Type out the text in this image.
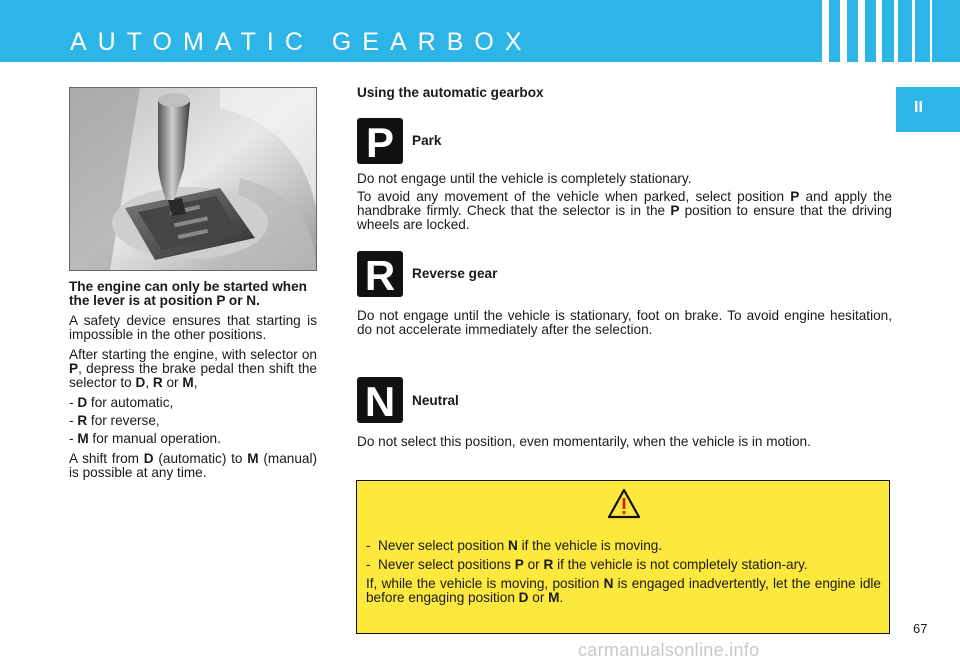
AUTOMATIC GEARBOX
II

The engine can only be started when the lever is at position P or N.

A safety device ensures that starting is impossible in the other positions.

After starting the engine, with selector on P, depress the brake pedal then shift the selector to D, R or M,

- D for automatic,

- R for reverse,

- M for manual operation.

A shift from D (automatic) to M (manual) is possible at any time.

Using the automatic gearbox
P Park

Do not engage until the vehicle is completely stationary.

To avoid any movement of the vehicle when parked, select position P and apply the handbrake firmly. Check that the selector is in the P position to ensure that the driving wheels are locked.

R Reverse gear

Do not engage until the vehicle is stationary, foot on brake. To avoid engine hesitation, do not accelerate immediately after the selection.

N Neutral

Do not select this position, even momentarily, when the vehicle is in motion.

- Never select position N if the vehicle is moving.

- Never select positions P or R if the vehicle is not completely station-ary.

If, while the vehicle is moving, position N is engaged inadvertently, let the engine idle before engaging position D or M.

67
carmanualsonline.info
